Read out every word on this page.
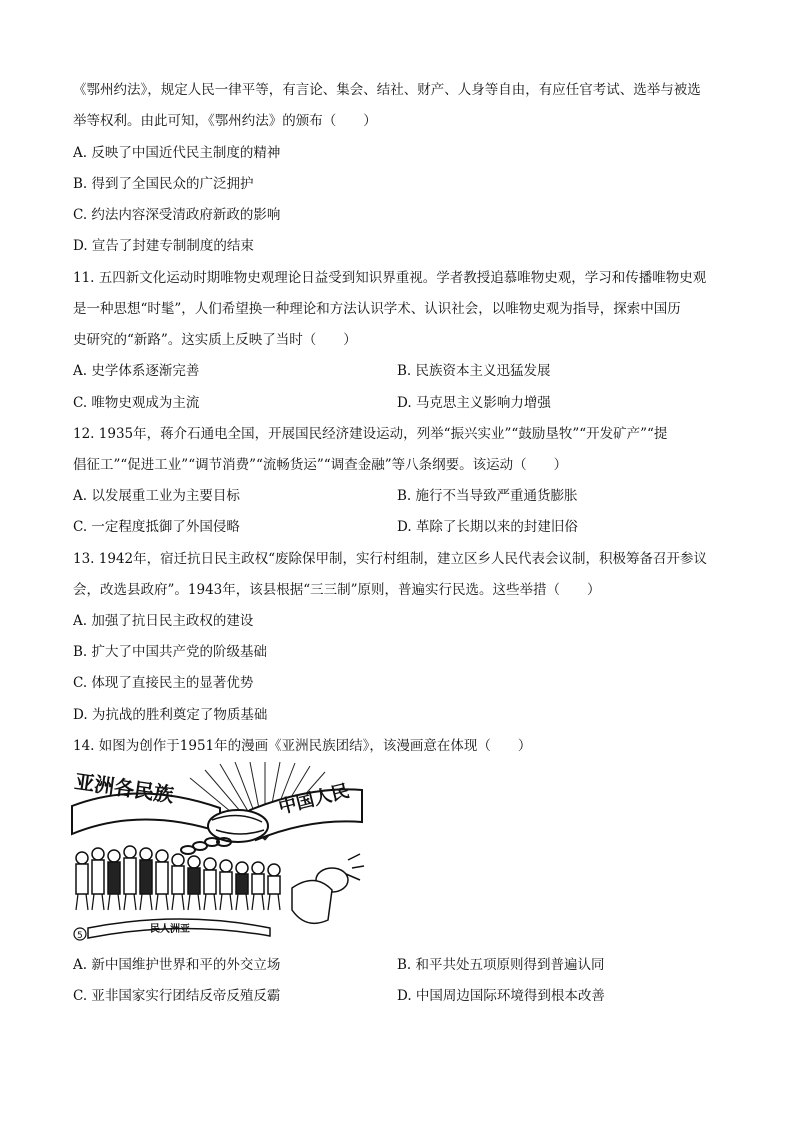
《鄂州约法》，规定人民一律平等，有言论、集会、结社、财产、人身等自由，有应任官考试、选举与被选
举等权利。由此可知，《鄂州约法》的颁布（　　）
A. 反映了中国近代民主制度的精神
B. 得到了全国民众的广泛拥护
C. 约法内容深受清政府新政的影响
D. 宣告了封建专制制度的结束
11. 五四新文化运动时期唯物史观理论日益受到知识界重视。学者教授追慕唯物史观，学习和传播唯物史观
是一种思想“时髦”，人们希望换一种理论和方法认识学术、认识社会，以唯物史观为指导，探索中国历
史研究的“新路”。这实质上反映了当时（　　）
A. 史学体系逐渐完善	B. 民族资本主义迅猛发展
C. 唯物史观成为主流	D. 马克思主义影响力增强
12. 1935年，蒋介石通电全国，开展国民经济建设运动，列举“振兴实业”“鼓励垦牧”“开发矿产”“提
倡征工”“促进工业”“调节消费”“流畅货运”“调查金融”等八条纲要。该运动（　　）
A. 以发展重工业为主要目标	B. 施行不当导致严重通货膨胀
C. 一定程度抵御了外国侵略	D. 革除了长期以来的封建旧俗
13. 1942年，宿迁抗日民主政权“废除保甲制，实行村组制，建立区乡人民代表会议制，积极筹备召开参议
会，改选县政府”。1943年，该县根据“三三制”原则，普遍实行民选。这些举措（　　）
A. 加强了抗日民主政权的建设
B. 扩大了中国共产党的阶级基础
C. 体现了直接民主的显著优势
D. 为抗战的胜利奠定了物质基础
14. 如图为创作于1951年的漫画《亚洲民族团结》，该漫画意在体现（　　）
民人洲亚
5
亚洲各民族	中国人民
A. 新中国维护世界和平的外交立场	B. 和平共处五项原则得到普遍认同
C. 亚非国家实行团结反帝反殖反霸	D. 中国周边国际环境得到根本改善
